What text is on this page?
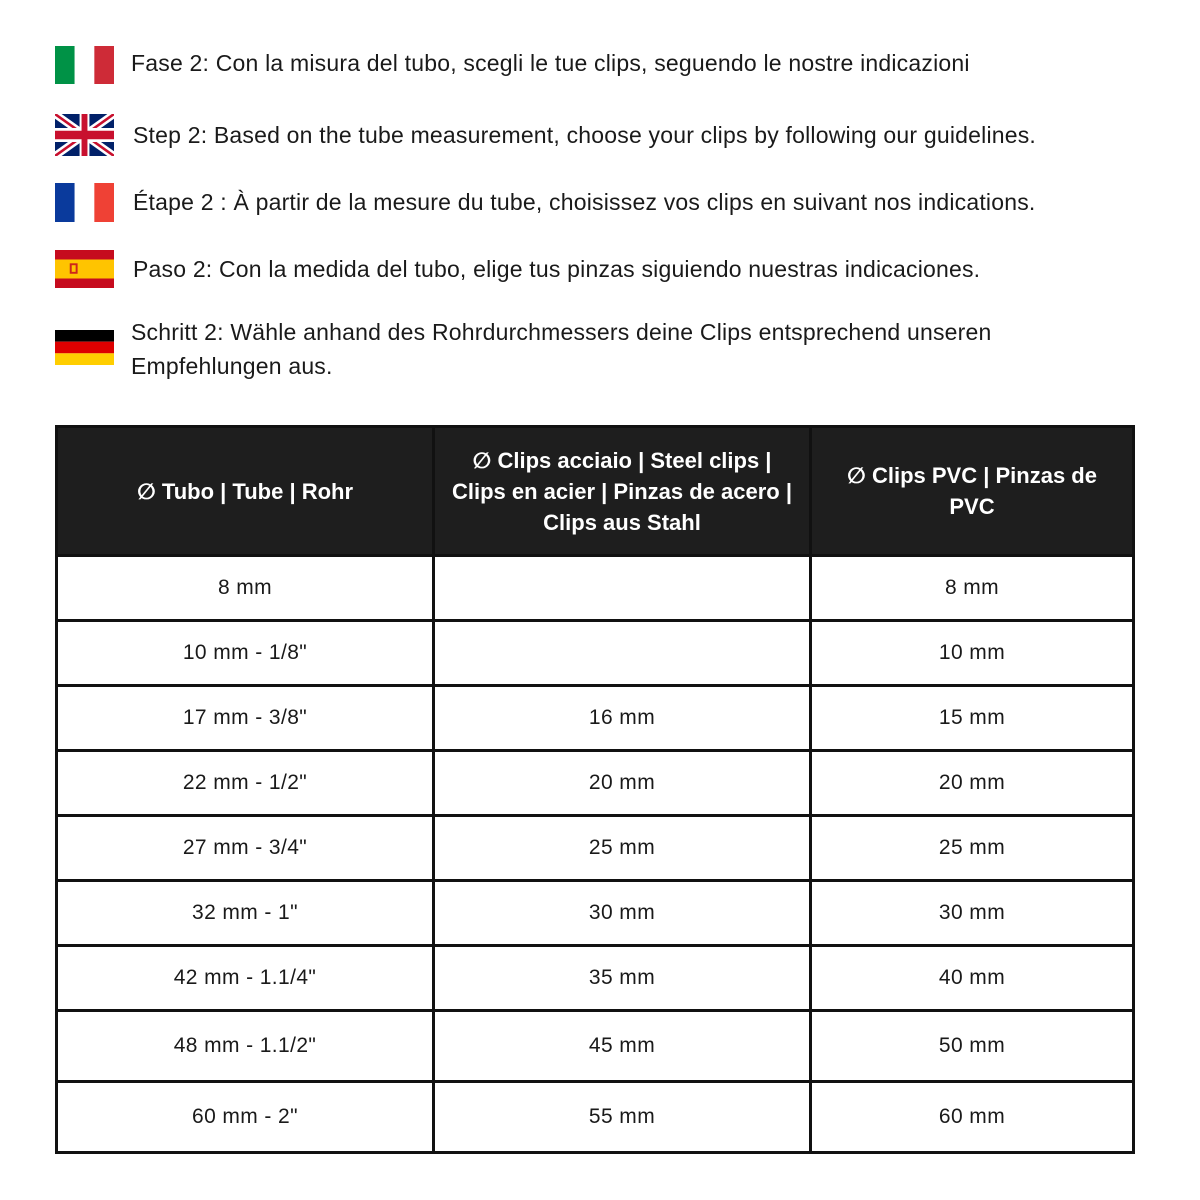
Fase 2: Con la misura del tubo, scegli le tue clips, seguendo le nostre indicazioni
Step 2: Based on the tube measurement, choose your clips by following our guidelines.
Étape 2 : À partir de la mesure du tube, choisissez vos clips en suivant nos indications.
Paso 2: Con la medida del tubo, elige tus pinzas siguiendo nuestras indicaciones.
Schritt 2: Wähle anhand des Rohrdurchmessers deine Clips entsprechend unseren Empfehlungen aus.
∅ Tubo | Tube | Rohr	∅ Clips acciaio | Steel clips | Clips en acier | Pinzas de acero | Clips aus Stahl	∅ Clips PVC | Pinzas de PVC
8 mm		8 mm
10 mm - 1/8"		10 mm
17 mm - 3/8"	16 mm	15 mm
22 mm - 1/2"	20 mm	20 mm
27 mm - 3/4"	25 mm	25 mm
32 mm - 1"	30 mm	30 mm
42 mm - 1.1/4"	35 mm	40 mm
48 mm - 1.1/2"	45 mm	50 mm
60 mm - 2"	55 mm	60 mm
